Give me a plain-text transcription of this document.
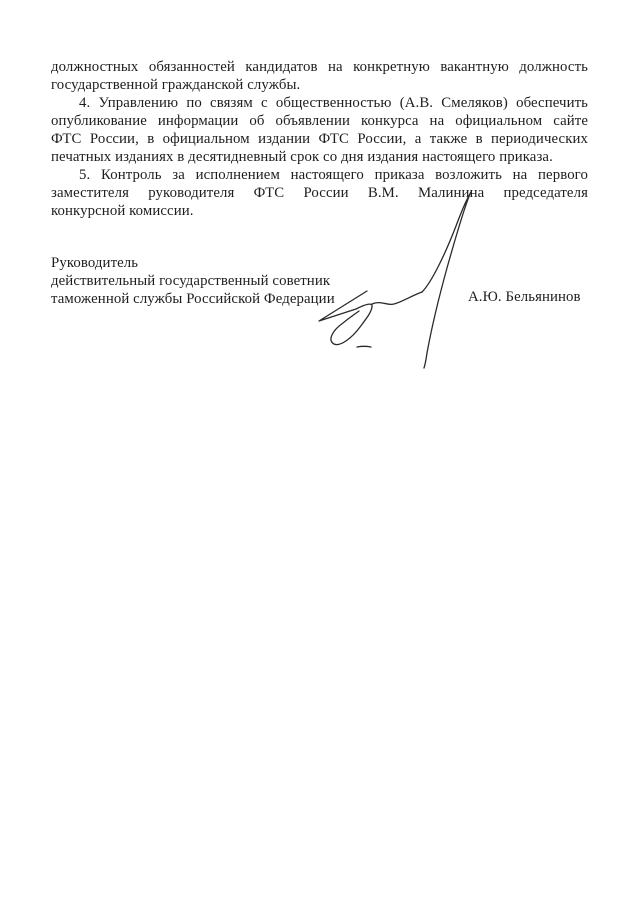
должностных обязанностей кандидатов на конкретную вакантную должность
государственной гражданской службы.
4. Управлению по связям с общественностью (А.В. Смеляков) обеспечить
опубликование информации об объявлении конкурса на официальном сайте
ФТС России, в официальном издании ФТС России, а также в периодических
печатных изданиях в десятидневный срок со дня издания настоящего приказа.
5. Контроль за исполнением настоящего приказа возложить на первого
заместителя руководителя ФТС России В.М. Малинина председателя
конкурсной комиссии.
Руководитель
действительный государственный советник
таможенной службы Российской Федерации	А.Ю. Бельянинов
